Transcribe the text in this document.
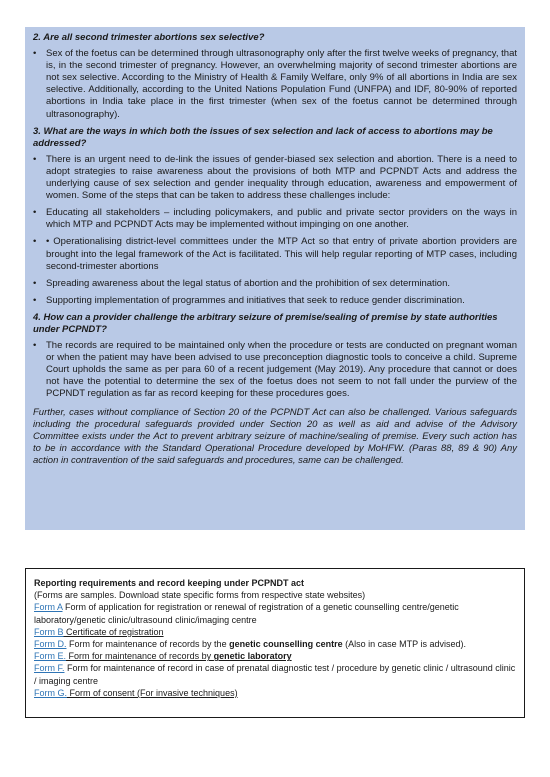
2. Are all second trimester abortions sex selective?

• Sex of the foetus can be determined through ultrasonography only after the first twelve weeks of pregnancy, that is, in the second trimester of pregnancy. However, an overwhelming majority of second trimester abortions are not sex selective. According to the Ministry of Health & Family Welfare, only 9% of all abortions in India are sex selective. Additionally, according to the United Nations Population Fund (UNFPA) and IDF, 80-90% of reported abortions in India take place in the first trimester (when sex of the foetus cannot be determined through ultrasonography).

3. What are the ways in which both the issues of sex selection and lack of access to abortions may be addressed?

• There is an urgent need to de-link the issues of gender-biased sex selection and abortion. There is a need to adopt strategies to raise awareness about the provisions of both MTP and PCPNDT Acts and address the underlying cause of sex selection and gender inequality through education, awareness and empowerment of women. Some of the steps that can be taken to address these challenges include:
• Educating all stakeholders – including policymakers, and public and private sector providers on the ways in which MTP and PCPNDT Acts may be implemented without impinging on one another.
• • Operationalising district-level committees under the MTP Act so that entry of private abortion providers are brought into the legal framework of the Act is facilitated. This will help regular reporting of MTP cases, including second-trimester abortions
• Spreading awareness about the legal status of abortion and the prohibition of sex determination.
• Supporting implementation of programmes and initiatives that seek to reduce gender discrimination.

4. How can a provider challenge the arbitrary seizure of premise/sealing of premise by state authorities under PCPNDT?

• The records are required to be maintained only when the procedure or tests are conducted on pregnant woman or when the patient may have been advised to use preconception diagnostic tools to conceive a child. Supreme Court upholds the same as per para 60 of a recent judgement (May 2019). Any procedure that cannot or does not have the potential to determine the sex of the foetus does not seem to not fall under the purview of the PCPNDT regulation as far as record keeping for these procedures goes.

Further, cases without compliance of Section 20 of the PCPNDT Act can also be challenged. Various safeguards including the procedural safeguards provided under Section 20 as well as aid and advise of the Advisory Committee exists under the Act to prevent arbitrary seizure of machine/sealing of premise. Every such action has to be in accordance with the Standard Operational Procedure developed by MoHFW. (Paras 88, 89 & 90) Any action in contravention of the said safeguards and procedures, same can be challenged.

Reporting requirements and record keeping under PCPNDT act

(Forms are samples. Download state specific forms from respective state websites)

Form A Form of application for registration or renewal of registration of a genetic counselling centre/genetic laboratory/genetic clinic/ultrasound clinic/imaging centre

Form B Certificate of registration

Form D. Form for maintenance of records by the genetic counselling centre (Also in case MTP is advised).

Form E. Form for maintenance of records by genetic laboratory

Form F. Form for maintenance of record in case of prenatal diagnostic test / procedure by genetic clinic / ultrasound clinic / imaging centre

Form G. Form of consent (For invasive techniques)
